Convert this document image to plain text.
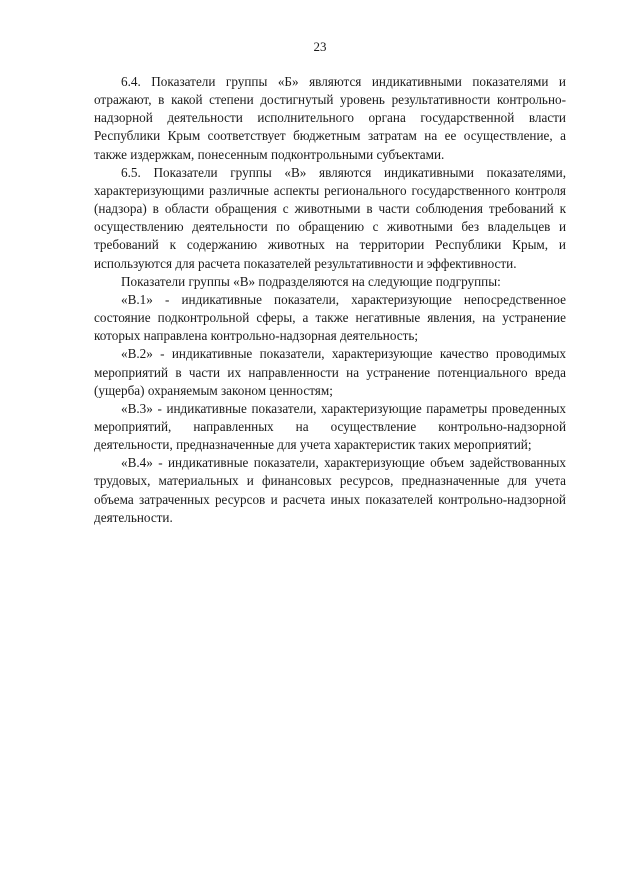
23

6.4. Показатели группы «Б» являются индикативными показателями и отражают, в какой степени достигнутый уровень результативности контрольно-надзорной деятельности исполнительного органа государственной власти Республики Крым соответствует бюджетным затратам на ее осуществление, а также издержкам, понесенным подконтрольными субъектами.

6.5. Показатели группы «В» являются индикативными показателями, характеризующими различные аспекты регионального государственного контроля (надзора) в области обращения с животными в части соблюдения требований к осуществлению деятельности по обращению с животными без владельцев и требований к содержанию животных на территории Республики Крым, и используются для расчета показателей результативности и эффективности.

Показатели группы «В» подразделяются на следующие подгруппы:

«В.1» - индикативные показатели, характеризующие непосредственное состояние подконтрольной сферы, а также негативные явления, на устранение которых направлена контрольно-надзорная деятельность;

«В.2» - индикативные показатели, характеризующие качество проводимых мероприятий в части их направленности на устранение потенциального вреда (ущерба) охраняемым законом ценностям;

«В.3» - индикативные показатели, характеризующие параметры проведенных мероприятий, направленных на осуществление контрольно-надзорной деятельности, предназначенные для учета характеристик таких мероприятий;

«В.4» - индикативные показатели, характеризующие объем задействованных трудовых, материальных и финансовых ресурсов, предназначенные для учета объема затраченных ресурсов и расчета иных показателей контрольно-надзорной деятельности.
